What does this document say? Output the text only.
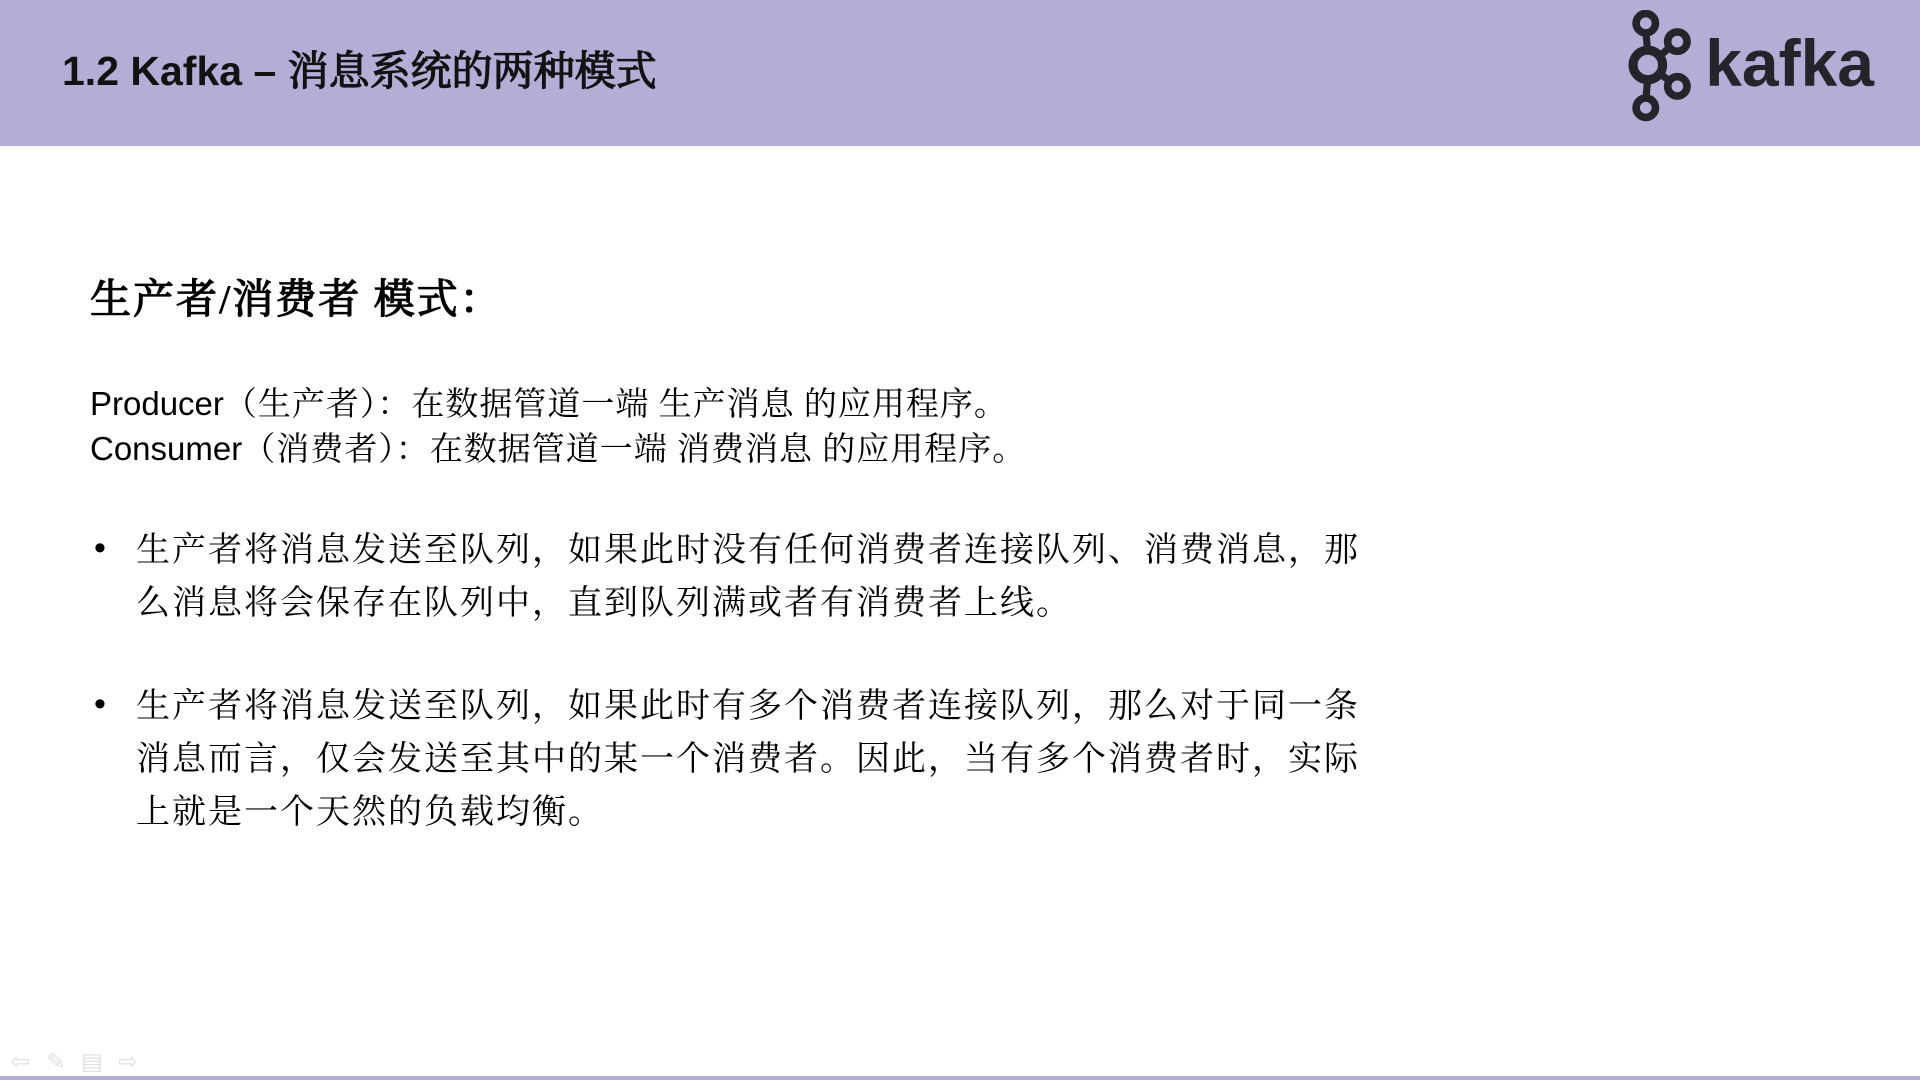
1.2 Kafka – 消息系统的两种模式	kafka
生产者/消费者 模式：

Producer（生产者）：在数据管道一端 生产消息 的应用程序。

Consumer（消费者）：在数据管道一端 消费消息 的应用程序。

• 生产者将消息发送至队列，如果此时没有任何消费者连接队列、消费消息，那么消息将会保存在队列中，直到队列满或者有消费者上线。
• 生产者将消息发送至队列，如果此时有多个消费者连接队列，那么对于同一条消息而言，仅会发送至其中的某一个消费者。因此，当有多个消费者时，实际上就是一个天然的负载均衡。
⇦ ✎ ▤ ⇨
